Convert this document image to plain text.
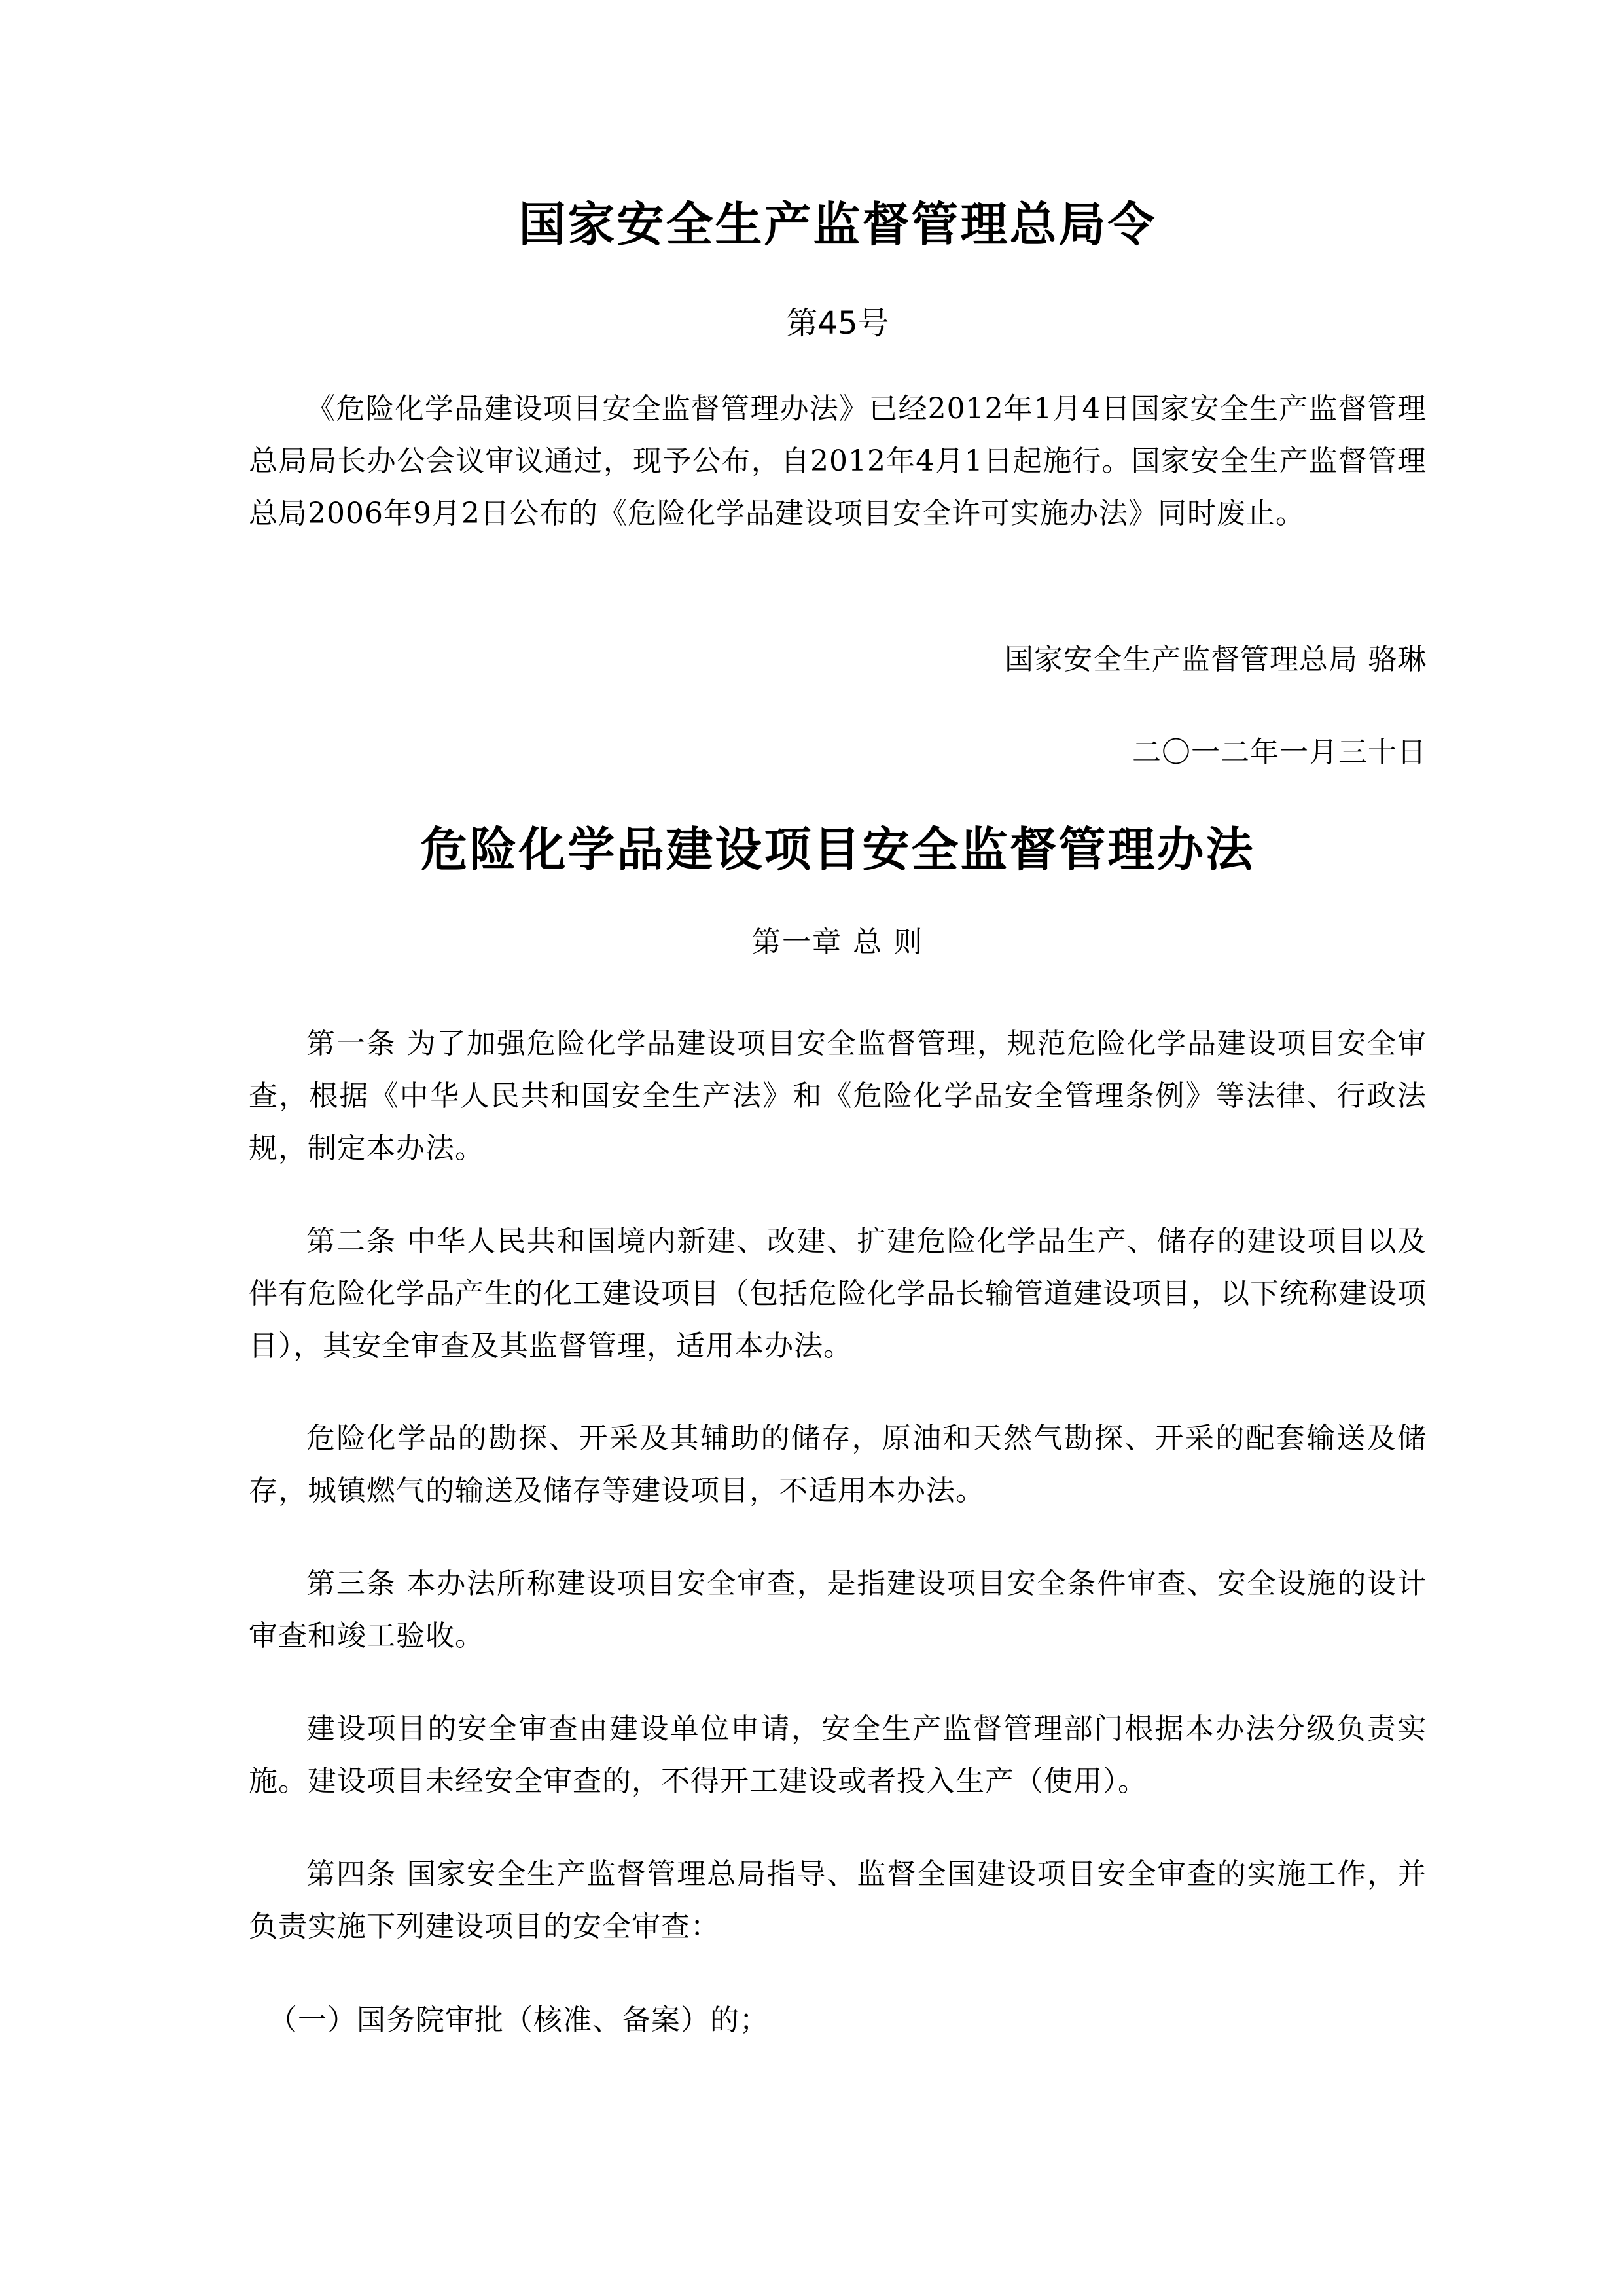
国家安全生产监督管理总局令
第45号

《危险化学品建设项目安全监督管理办法》已经2012年1月4日国家安全生产监督管理总局局长办公会议审议通过，现予公布，自2012年4月1日起施行。国家安全生产监督管理总局2006年9月2日公布的《危险化学品建设项目安全许可实施办法》同时废止。

国家安全生产监督管理总局 骆琳
二〇一二年一月三十日
危险化学品建设项目安全监督管理办法
第一章 总 则

第一条 为了加强危险化学品建设项目安全监督管理，规范危险化学品建设项目安全审查，根据《中华人民共和国安全生产法》和《危险化学品安全管理条例》等法律、行政法规，制定本办法。

第二条 中华人民共和国境内新建、改建、扩建危险化学品生产、储存的建设项目以及伴有危险化学品产生的化工建设项目（包括危险化学品长输管道建设项目，以下统称建设项目），其安全审查及其监督管理，适用本办法。

危险化学品的勘探、开采及其辅助的储存，原油和天然气勘探、开采的配套输送及储存，城镇燃气的输送及储存等建设项目，不适用本办法。

第三条 本办法所称建设项目安全审查，是指建设项目安全条件审查、安全设施的设计审查和竣工验收。

建设项目的安全审查由建设单位申请，安全生产监督管理部门根据本办法分级负责实施。建设项目未经安全审查的，不得开工建设或者投入生产（使用）。

第四条 国家安全生产监督管理总局指导、监督全国建设项目安全审查的实施工作，并负责实施下列建设项目的安全审查：

（一）国务院审批（核准、备案）的；
